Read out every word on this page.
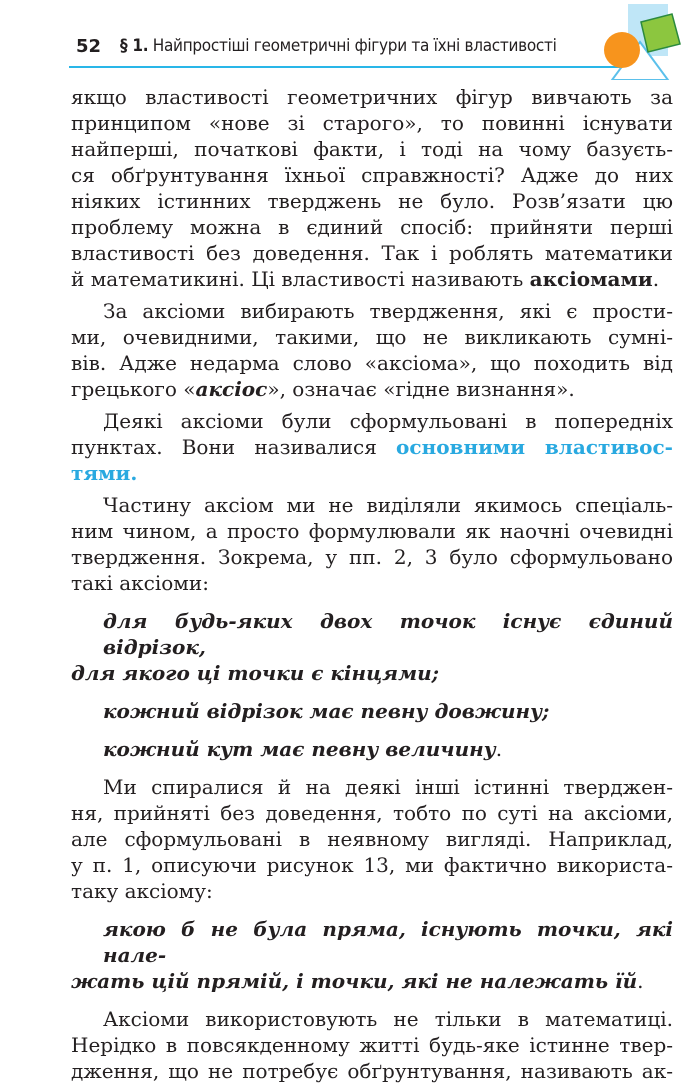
52 § 1. Найпростіші геометричні фігури та їхні властивості

якщо властивості геометричних фігур вивчають за
принципом «нове зі старого», то повинні існувати
найперші, початкові факти, і тоді на чому базуєть-
ся обґрунтування їхньої справжності? Адже до них
ніяких істинних тверджень не було. Розв’язати цю
проблему можна в єдиний спосіб: прийняти перші
властивості без доведення. Так і роблять математики
й математикині. Ці властивості називають аксіомами.

За аксіоми вибирають твердження, які є прости-
ми, очевидними, такими, що не викликають сумні-
вів. Адже недарма слово «аксіома», що походить від
грецького «аксіос», означає «гідне визнання».

Деякі аксіоми були сформульовані в попередніх
пунктах. Вони називалися основними властивос-
тями.

Частину аксіом ми не виділяли якимось спеціаль-
ним чином, а просто формулювали як наочні очевидні
твердження. Зокрема, у пп. 2, 3 було сформульовано
такі аксіоми:

для будь-яких двох точок існує єдиний відрізок,
для якого ці точки є кінцями;

кожний відрізок має певну довжину;

кожний кут має певну величину.

Ми спиралися й на деякі інші істинні тверджен-
ня, прийняті без доведення, тобто по суті на аксіоми,
але сформульовані в неявному вигляді. Наприклад,
у п. 1, описуючи рисунок 13, ми фактично використа-
таку аксіому:

якою б не була пряма, існують точки, які нале-
жать цій прямій, і точки, які не належать їй.

Аксіоми використовують не тільки в математиці.
Нерідко в повсякденному житті будь-яке істинне твер-
дження, що не потребує обґрунтування, називають ак-
